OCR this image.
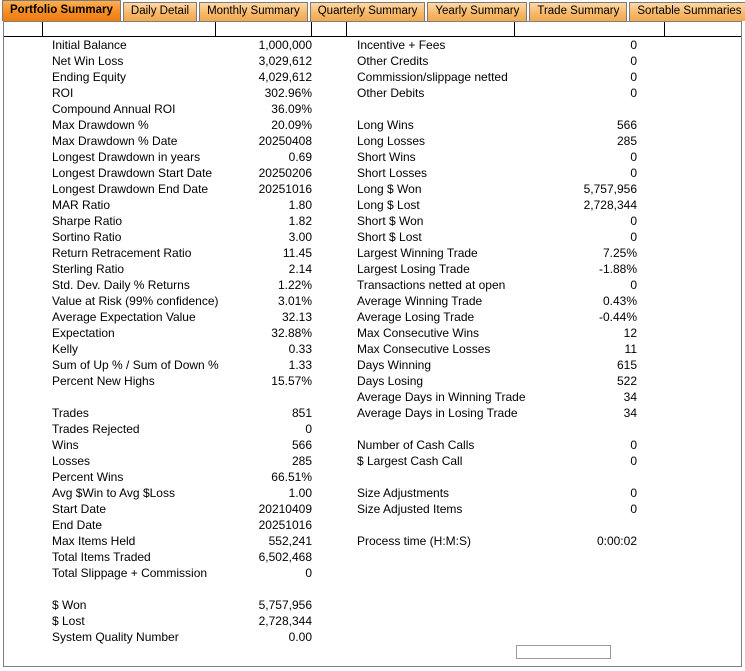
Portfolio Summary	Daily Detail	Monthly Summary	Quarterly Summary	Yearly Summary	Trade Summary	Sortable Summaries
Initial Balance	1,000,000
Net Win Loss	3,029,612
Ending Equity	4,029,612
ROI	302.96%
Compound Annual ROI	36.09%
Max Drawdown %	20.09%
Max Drawdown % Date	20250408
Longest Drawdown in years	0.69
Longest Drawdown Start Date	20250206
Longest Drawdown End Date	20251016
MAR Ratio	1.80
Sharpe Ratio	1.82
Sortino Ratio	3.00
Return Retracement Ratio	11.45
Sterling Ratio	2.14
Std. Dev. Daily % Returns	1.22%
Value at Risk (99% confidence)	3.01%
Average Expectation Value	32.13
Expectation	32.88%
Kelly	0.33
Sum of Up % / Sum of Down %	1.33
Percent New Highs	15.57%
Trades	851
Trades Rejected	0
Wins	566
Losses	285
Percent Wins	66.51%
Avg $Win to Avg $Loss	1.00
Start Date	20210409
End Date	20251016
Max Items Held	552,241
Total Items Traded	6,502,468
Total Slippage + Commission	0
$ Won	5,757,956
$ Lost	2,728,344
System Quality Number	0.00
Incentive + Fees	0
Other Credits	0
Commission/slippage netted	0
Other Debits	0
Long Wins	566
Long Losses	285
Short Wins	0
Short Losses	0
Long $ Won	5,757,956
Long $ Lost	2,728,344
Short $ Won	0
Short $ Lost	0
Largest Winning Trade	7.25%
Largest Losing Trade	-1.88%
Transactions netted at open	0
Average Winning Trade	0.43%
Average Losing Trade	-0.44%
Max Consecutive Wins	12
Max Consecutive Losses	11
Days Winning	615
Days Losing	522
Average Days in Winning Trade	34
Average Days in Losing Trade	34
Number of Cash Calls	0
$ Largest Cash Call	0
Size Adjustments	0
Size Adjusted Items	0
Process time (H:M:S)	0:00:02
